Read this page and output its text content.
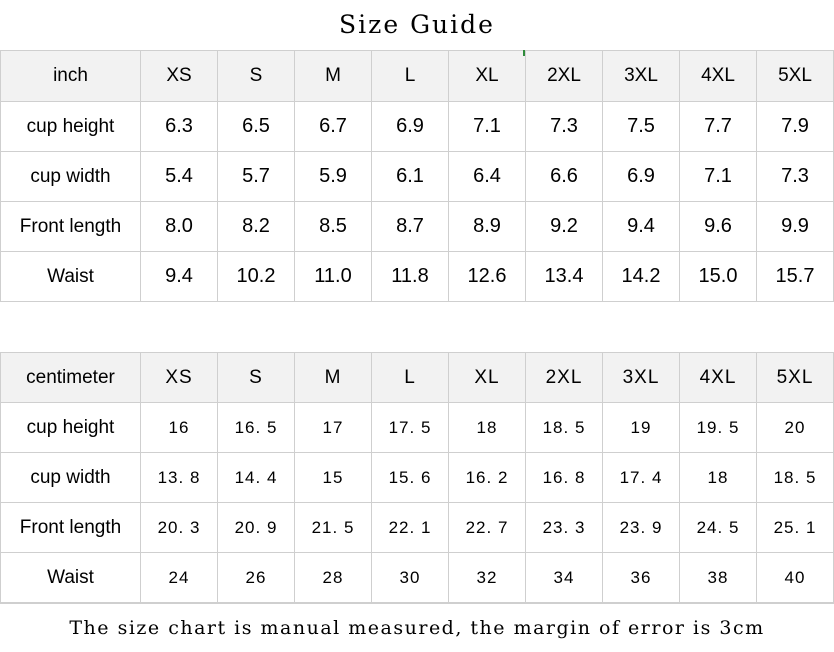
Size Guide
inch	XS	S	M	L	XL	2XL	3XL	4XL	5XL
cup height	6.3	6.5	6.7	6.9	7.1	7.3	7.5	7.7	7.9
cup width	5.4	5.7	5.9	6.1	6.4	6.6	6.9	7.1	7.3
Front length	8.0	8.2	8.5	8.7	8.9	9.2	9.4	9.6	9.9
Waist	9.4	10.2	11.0	11.8	12.6	13.4	14.2	15.0	15.7
centimeter	XS	S	M	L	XL	2XL	3XL	4XL	5XL
cup height	16	16. 5	17	17. 5	18	18. 5	19	19. 5	20
cup width	13. 8	14. 4	15	15. 6	16. 2	16. 8	17. 4	18	18. 5
Front length	20. 3	20. 9	21. 5	22. 1	22. 7	23. 3	23. 9	24. 5	25. 1
Waist	24	26	28	30	32	34	36	38	40
The size chart is manual measured, the margin of error is 3cm
